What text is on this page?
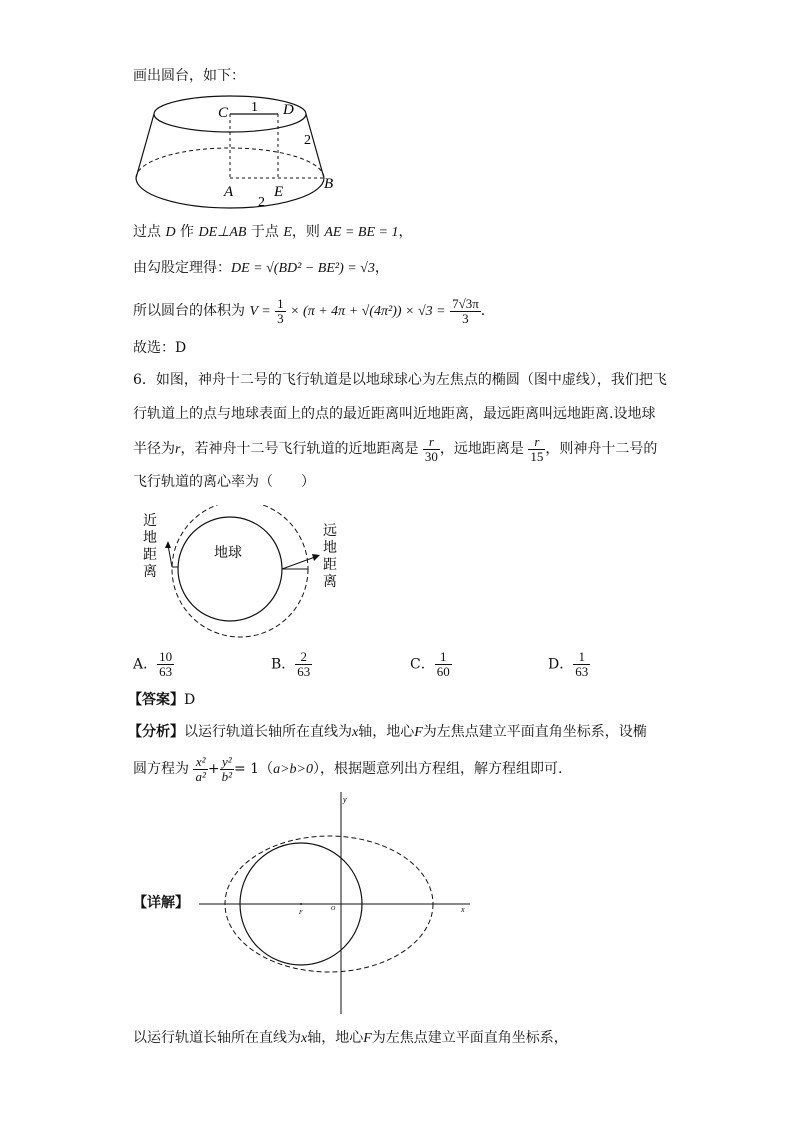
画出圆台，如下：
C	D
A	E	B
1
2
2
过点 D 作 DE⊥AB 于点 E，则 AE = BE = 1，
由勾股定理得：DE = √(BD² − BE²) = √3，
所以圆台的体积为 $V = \frac{1}{3} \times (\pi + 4\pi + √(4\pi^2)) \times √3 = \frac{7√3\pi}{3}$ .
故选：D
6．如图，神舟十二号的飞行轨道是以地球球心为左焦点的椭圆（图中虚线），我们把飞
行轨道上的点与地球表面上的点的最近距离叫近地距离，最远距离叫远地距离.设地球
半径为r，若神舟十二号飞行轨道的近地距离是 $\frac{r}{30}$ ，远地距离是 $\frac{r}{15}$ ，则神舟十二号的
飞行轨道的离心率为（　　）
地球
近
地
距
离
远
地
距
离
A． $\frac{10}{63}$	B． $\frac{2}{63}$	C． $\frac{1}{60}$	D． $\frac{1}{63}$
【答案】D
【分析】以运行轨道长轴所在直线为x轴，地心F为左焦点建立平面直角坐标系，设椭
圆方程为 $\frac{\text{x²}}{\text{a²}} + \frac{\text{y²}}{\text{b²}} = 1(a>b>0)$，根据题意列出方程组，解方程组即可.
【详解】
y
x
F
O
以运行轨道长轴所在直线为x轴，地心F为左焦点建立平面直角坐标系，
